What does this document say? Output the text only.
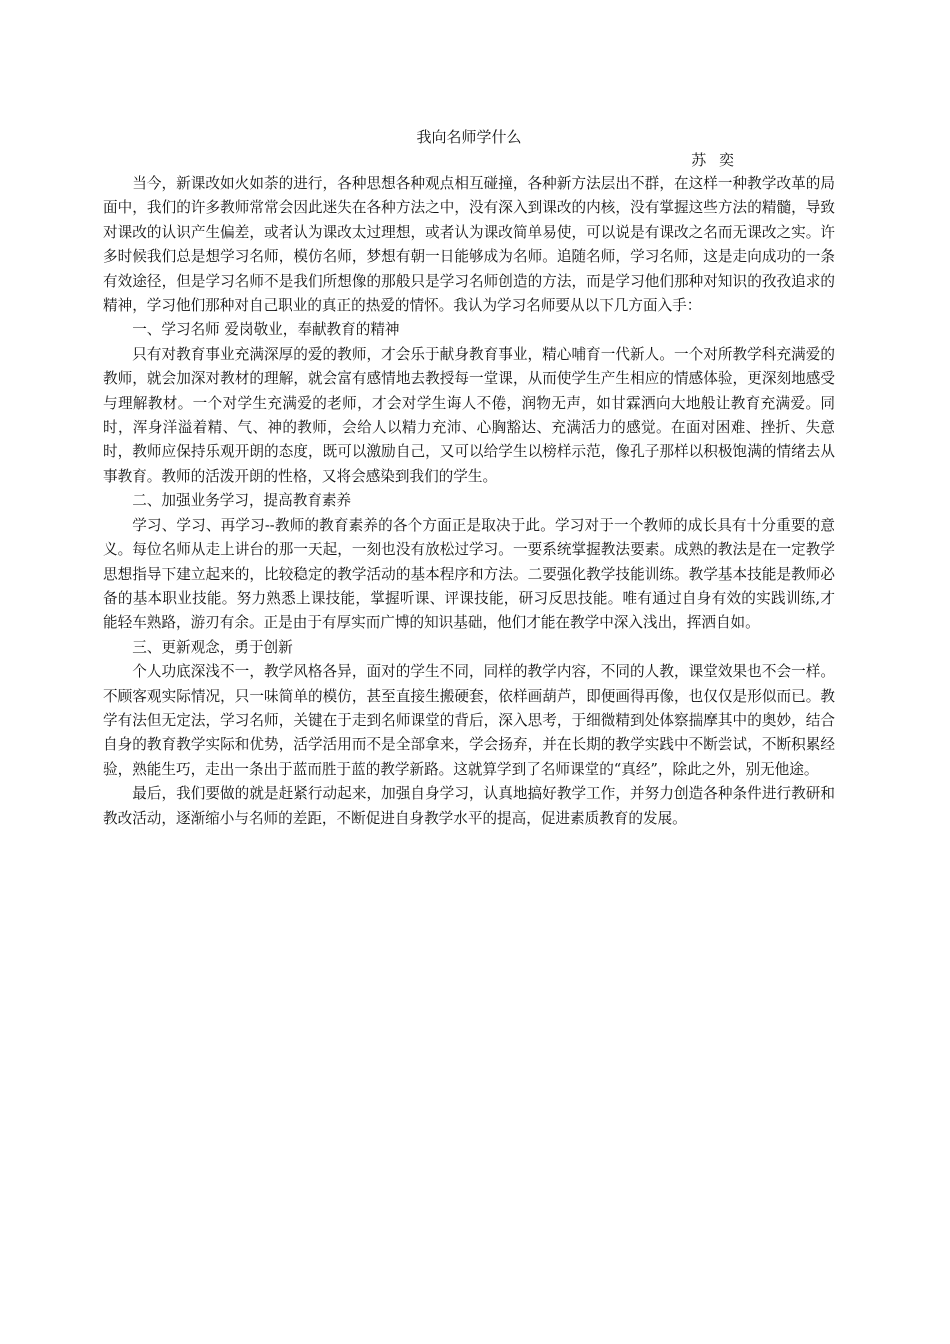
我向名师学什么

苏 奕

当今，新课改如火如荼的进行，各种思想各种观点相互碰撞，各种新方法层出不群，在这样一种教学改革的局面中，我们的许多教师常常会因此迷失在各种方法之中，没有深入到课改的内核，没有掌握这些方法的精髓，导致对课改的认识产生偏差，或者认为课改太过理想，或者认为课改简单易使，可以说是有课改之名而无课改之实。许多时候我们总是想学习名师，模仿名师，梦想有朝一日能够成为名师。追随名师，学习名师，这是走向成功的一条有效途径，但是学习名师不是我们所想像的那般只是学习名师创造的方法，而是学习他们那种对知识的孜孜追求的精神，学习他们那种对自己职业的真正的热爱的情怀。我认为学习名师要从以下几方面入手：

一、学习名师 爱岗敬业，奉献教育的精神

只有对教育事业充满深厚的爱的教师，才会乐于献身教育事业，精心哺育一代新人。一个对所教学科充满爱的教师，就会加深对教材的理解，就会富有感情地去教授每一堂课，从而使学生产生相应的情感体验，更深刻地感受与理解教材。一个对学生充满爱的老师，才会对学生诲人不倦，润物无声，如甘霖洒向大地般让教育充满爱。同时，浑身洋溢着精、气、神的教师，会给人以精力充沛、心胸豁达、充满活力的感觉。在面对困难、挫折、失意时，教师应保持乐观开朗的态度，既可以激励自己，又可以给学生以榜样示范，像孔子那样以积极饱满的情绪去从事教育。教师的活泼开朗的性格，又将会感染到我们的学生。

二、加强业务学习，提高教育素养

学习、学习、再学习--教师的教育素养的各个方面正是取决于此。学习对于一个教师的成长具有十分重要的意义。每位名师从走上讲台的那一天起，一刻也没有放松过学习。一要系统掌握教法要素。成熟的教法是在一定教学思想指导下建立起来的，比较稳定的教学活动的基本程序和方法。二要强化教学技能训练。教学基本技能是教师必备的基本职业技能。努力熟悉上课技能，掌握听课、评课技能，研习反思技能。唯有通过自身有效的实践训练,才能轻车熟路，游刃有余。正是由于有厚实而广博的知识基础，他们才能在教学中深入浅出，挥洒自如。

三、更新观念，勇于创新

个人功底深浅不一，教学风格各异，面对的学生不同，同样的教学内容，不同的人教，课堂效果也不会一样。不顾客观实际情况，只一味简单的模仿，甚至直接生搬硬套，依样画葫芦，即便画得再像，也仅仅是形似而已。教学有法但无定法，学习名师，关键在于走到名师课堂的背后，深入思考，于细微精到处体察揣摩其中的奥妙，结合自身的教育教学实际和优势，活学活用而不是全部拿来，学会扬弃，并在长期的教学实践中不断尝试，不断积累经验，熟能生巧，走出一条出于蓝而胜于蓝的教学新路。这就算学到了名师课堂的“真经”，除此之外，别无他途。

最后，我们要做的就是赶紧行动起来，加强自身学习，认真地搞好教学工作，并努力创造各种条件进行教研和教改活动，逐渐缩小与名师的差距，不断促进自身教学水平的提高，促进素质教育的发展。
